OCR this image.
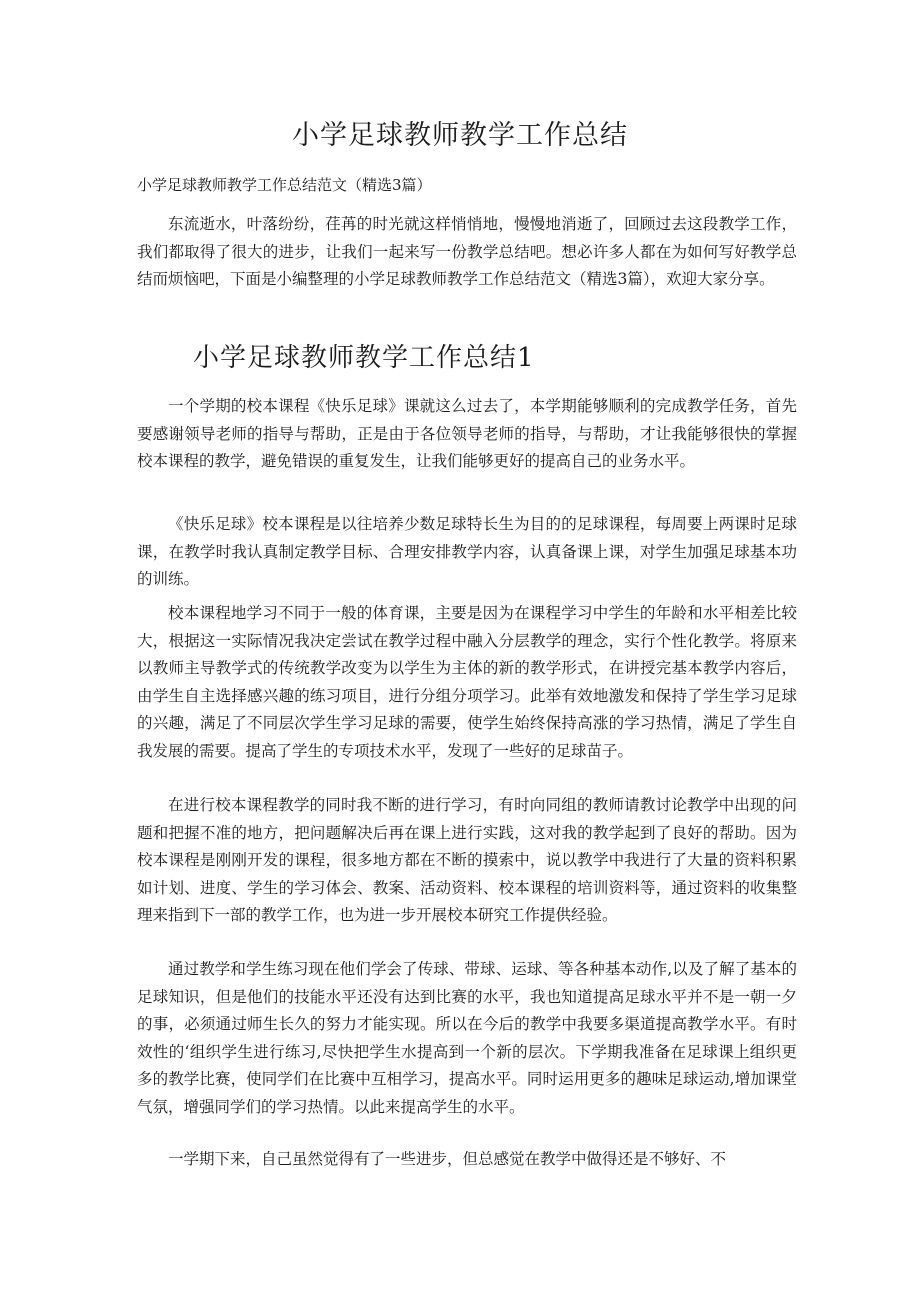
小学足球教师教学工作总结

小学足球教师教学工作总结范文（精选3篇）

东流逝水，叶落纷纷，荏苒的时光就这样悄悄地，慢慢地消逝了，回顾过去这段教学工作，我们都取得了很大的进步，让我们一起来写一份教学总结吧。想必许多人都在为如何写好教学总结而烦恼吧，下面是小编整理的小学足球教师教学工作总结范文（精选3篇），欢迎大家分享。

小学足球教师教学工作总结1

一个学期的校本课程《快乐足球》课就这么过去了，本学期能够顺利的完成教学任务，首先要感谢领导老师的指导与帮助，正是由于各位领导老师的指导，与帮助，才让我能够很快的掌握校本课程的教学，避免错误的重复发生，让我们能够更好的提高自己的业务水平。

《快乐足球》校本课程是以往培养少数足球特长生为目的的足球课程，每周要上两课时足球课，在教学时我认真制定教学目标、合理安排教学内容，认真备课上课，对学生加强足球基本功的训练。

校本课程地学习不同于一般的体育课，主要是因为在课程学习中学生的年龄和水平相差比较大，根据这一实际情况我决定尝试在教学过程中融入分层教学的理念，实行个性化教学。将原来以教师主导教学式的传统教学改变为以学生为主体的新的教学形式，在讲授完基本教学内容后，由学生自主选择感兴趣的练习项目，进行分组分项学习。此举有效地激发和保持了学生学习足球的兴趣，满足了不同层次学生学习足球的需要，使学生始终保持高涨的学习热情，满足了学生自我发展的需要。提高了学生的专项技术水平，发现了一些好的足球苗子。

在进行校本课程教学的同时我不断的进行学习，有时向同组的教师请教讨论教学中出现的问题和把握不准的地方，把问题解决后再在课上进行实践，这对我的教学起到了良好的帮助。因为校本课程是刚刚开发的课程，很多地方都在不断的摸索中，说以教学中我进行了大量的资料积累如计划、进度、学生的学习体会、教案、活动资料、校本课程的培训资料等，通过资料的收集整理来指到下一部的教学工作，也为进一步开展校本研究工作提供经验。

通过教学和学生练习现在他们学会了传球、带球、运球、等各种基本动作,以及了解了基本的足球知识，但是他们的技能水平还没有达到比赛的水平，我也知道提高足球水平并不是一朝一夕的事，必须通过师生长久的努力才能实现。所以在今后的教学中我要多渠道提高教学水平。有时效性的‘组织学生进行练习,尽快把学生水提高到一个新的层次。下学期我准备在足球课上组织更多的教学比赛，使同学们在比赛中互相学习，提高水平。同时运用更多的趣味足球运动,增加课堂气氛，增强同学们的学习热情。以此来提高学生的水平。

一学期下来，自己虽然觉得有了一些进步，但总感觉在教学中做得还是不够好、不
